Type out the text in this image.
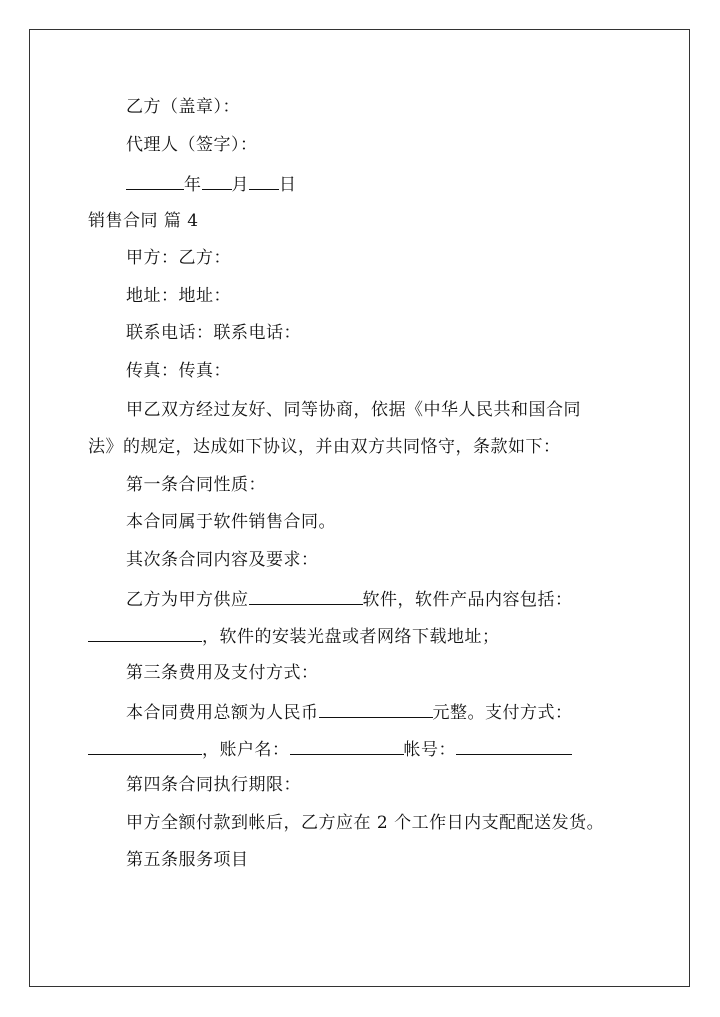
乙方（盖章）：
代理人（签字）：
年 月 日
销售合同 篇 4
甲方：乙方：
地址：地址：
联系电话：联系电话：
传真：传真：
甲乙双方经过友好、同等协商，依据《中华人民共和国合同
法》的规定，达成如下协议，并由双方共同恪守，条款如下：
第一条合同性质：
本合同属于软件销售合同。
其次条合同内容及要求：
乙方为甲方供应	软件，软件产品内容包括：
，软件的安装光盘或者网络下载地址；
第三条费用及支付方式：
本合同费用总额为人民币	元整。支付方式：
，账户名：	帐号：
第四条合同执行期限：
甲方全额付款到帐后，乙方应在 2 个工作日内支配配送发货。
第五条服务项目
